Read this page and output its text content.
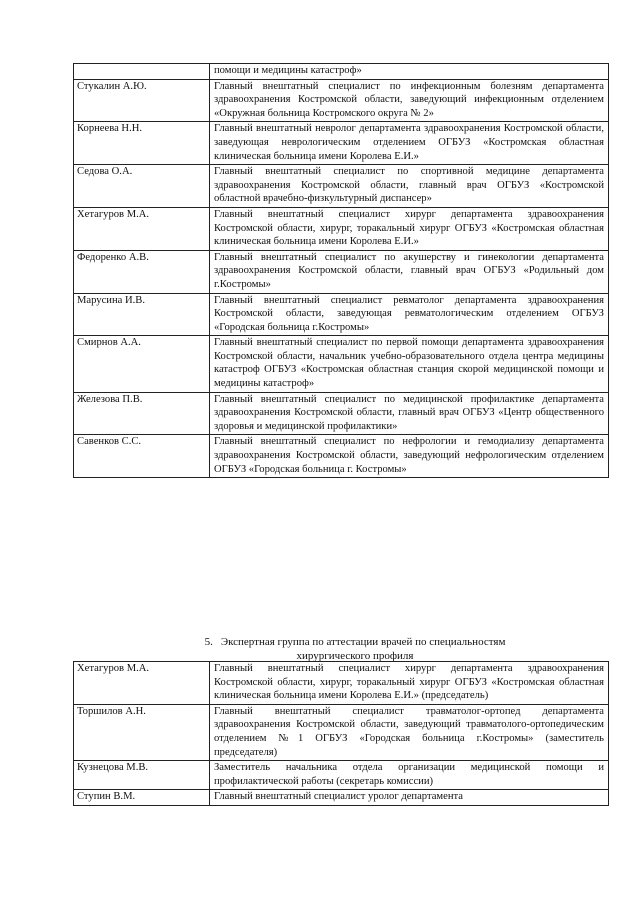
	помощи и медицины катастроф»
Стукалин А.Ю.	Главный внештатный специалист по инфекционным болезням департамента здравоохранения Костромской области, заведующий инфекционным отделением «Окружная больница Костромского округа № 2»
Корнеева Н.Н.	Главный внештатный невролог департамента здравоохранения Костромской области, заведующая неврологическим отделением ОГБУЗ «Костромская областная клиническая больница имени Королева Е.И.»
Седова О.А.	Главный внештатный специалист по спортивной медицине департамента здравоохранения Костромской области, главный врач ОГБУЗ «Костромской областной врачебно-физкультурный диспансер»
Хетагуров М.А.	Главный внештатный специалист хирург департамента здравоохранения Костромской области, хирург, торакальный хирург ОГБУЗ «Костромская областная клиническая больница имени Королева Е.И.»
Федоренко А.В.	Главный внештатный специалист по акушерству и гинекологии департамента здравоохранения Костромской области, главный врач ОГБУЗ «Родильный дом г.Костромы»
Марусина И.В.	Главный внештатный специалист ревматолог департамента здравоохранения Костромской области, заведующая ревматологическим отделением ОГБУЗ «Городская больница г.Костромы»
Смирнов А.А.	Главный внештатный специалист по первой помощи департамента здравоохранения Костромской области, начальник учебно-образовательного отдела центра медицины катастроф ОГБУЗ «Костромская областная станция скорой медицинской помощи и медицины катастроф»
Железова П.В.	Главный внештатный специалист по медицинской профилактике департамента здравоохранения Костромской области, главный врач ОГБУЗ «Центр общественного здоровья и медицинской профилактики»
Савенков С.С.	Главный внештатный специалист по нефрологии и гемодиализу департамента здравоохранения Костромской области, заведующий нефрологическим отделением ОГБУЗ «Городская больница г. Костромы»
5. Экспертная группа по аттестации врачей по специальностям
хирургического профиля
Хетагуров М.А.	Главный внештатный специалист хирург департамента здравоохранения Костромской области, хирург, торакальный хирург ОГБУЗ «Костромская областная клиническая больница имени Королева Е.И.» (председатель)
Торшилов А.Н.	Главный внештатный специалист травматолог-ортопед департамента здравоохранения Костромской области, заведующий травматолого-ортопедическим отделением №1 ОГБУЗ «Городская больница г.Костромы» (заместитель председателя)
Кузнецова М.В.	Заместитель начальника отдела организации медицинской помощи и профилактической работы (секретарь комиссии)
Ступин В.М.	Главный внештатный специалист уролог департамента
